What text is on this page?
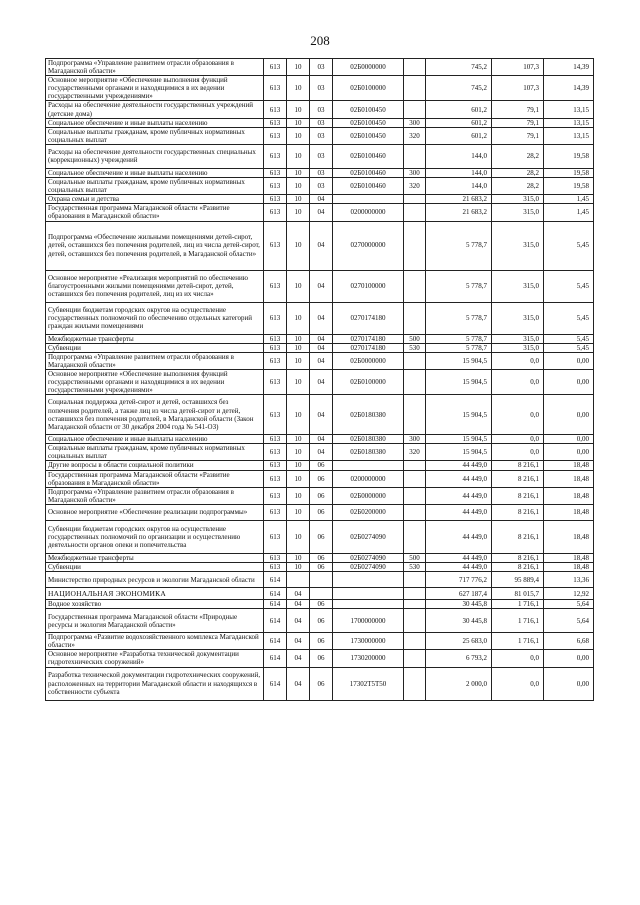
208
Подпрограмма «Управление развитием отрасли образования в Магаданской области»	613	10	03	02Б0000000		745,2	107,3	14,39
Основное мероприятие «Обеспечение выполнения функций государственными органами и находящимися в их ведении государственными учреждениями»	613	10	03	02Б0100000		745,2	107,3	14,39
Расходы на обеспечение деятельности государственных учреждений (детские дома)	613	10	03	02Б0100450		601,2	79,1	13,15
Социальное обеспечение и иные выплаты населению	613	10	03	02Б0100450	300	601,2	79,1	13,15
Социальные выплаты гражданам, кроме публичных нормативных социальных выплат	613	10	03	02Б0100450	320	601,2	79,1	13,15
Расходы на обеспечение деятельности государственных специальных (коррекционных) учреждений	613	10	03	02Б0100460		144,0	28,2	19,58
Социальное обеспечение и иные выплаты населению	613	10	03	02Б0100460	300	144,0	28,2	19,58
Социальные выплаты гражданам, кроме публичных нормативных социальных выплат	613	10	03	02Б0100460	320	144,0	28,2	19,58
Охрана семьи и детства	613	10	04			21 683,2	315,0	1,45
Государственная программа Магаданской области «Развитие образования в Магаданской области»	613	10	04	0200000000		21 683,2	315,0	1,45
Подпрограмма «Обеспечение жильными помещениями детей-сирот, детей, оставшихся без попечения родителей, лиц из числа детей-сирот, детей, оставшихся без попечения родителей, в Магаданской области»	613	10	04	0270000000		5 778,7	315,0	5,45
Основное мероприятие «Реализация мероприятий по обеспечению благоустроенными жилыми помещениями детей-сирот, детей, оставшихся без попечения родителей, лиц из их числа»	613	10	04	0270100000		5 778,7	315,0	5,45
Субвенции бюджетам городских округов на осуществление государственных полномочий по обеспечению отдельных категорий граждан жилыми помещениями	613	10	04	0270174180		5 778,7	315,0	5,45
Межбюджетные трансферты	613	10	04	0270174180	500	5 778,7	315,0	5,45
Субвенции	613	10	04	0270174180	530	5 778,7	315,0	5,45
Подпрограмма «Управление развитием отрасли образования в Магаданской области»	613	10	04	02Б0000000		15 904,5	0,0	0,00
Основное мероприятие «Обеспечение выполнения функций государственными органами и находящимися в их ведении государственными учреждениями»	613	10	04	02Б0100000		15 904,5	0,0	0,00
Социальная поддержка детей-сирот и детей, оставшихся без попечения родителей, а также лиц из числа детей-сирот и детей, оставшихся без попечения родителей, в Магаданской области (Закон Магаданской области от 30 декабря 2004 года № 541-ОЗ)	613	10	04	02Б0180380		15 904,5	0,0	0,00
Социальное обеспечение и иные выплаты населению	613	10	04	02Б0180380	300	15 904,5	0,0	0,00
Социальные выплаты гражданам, кроме публичных нормативных социальных выплат	613	10	04	02Б0180380	320	15 904,5	0,0	0,00
Другие вопросы в области социальной политики	613	10	06			44 449,0	8 216,1	18,48
Государственная программа Магаданской области «Развитие образования в Магаданской области»	613	10	06	0200000000		44 449,0	8 216,1	18,48
Подпрограмма «Управление развитием отрасли образования в Магаданской области»	613	10	06	02Б0000000		44 449,0	8 216,1	18,48
Основное мероприятие «Обеспечение реализации подпрограммы»	613	10	06	02Б0200000		44 449,0	8 216,1	18,48
Субвенции бюджетам городских округов на осуществление государственных полномочий по организации и осуществлению деятельности органов опеки и попечительства	613	10	06	02Б0274090		44 449,0	8 216,1	18,48
Межбюджетные трансферты	613	10	06	02Б0274090	500	44 449,0	8 216,1	18,48
Субвенции	613	10	06	02Б0274090	530	44 449,0	8 216,1	18,48
Министерство природных ресурсов и экологии Магаданской области	614					717 776,2	95 889,4	13,36
НАЦИОНАЛЬНАЯ ЭКОНОМИКА	614	04				627 187,4	81 015,7	12,92
Водное хозяйство	614	04	06			30 445,8	1 716,1	5,64
Государственная программа Магаданской области «Природные ресурсы и экология Магаданской области»	614	04	06	1700000000		30 445,8	1 716,1	5,64
Подпрограмма «Развитие водохозяйственного комплекса Магаданской области»	614	04	06	1730000000		25 683,0	1 716,1	6,68
Основное мероприятие «Разработка технической документации гидротехнических сооружений»	614	04	06	1730200000		6 793,2	0,0	0,00
Разработка технической документации гидротехнических сооружений, расположенных на территории Магаданской области и находящихся в собственности субъекта	614	04	06	17302Т5Т50		2 000,0	0,0	0,00
